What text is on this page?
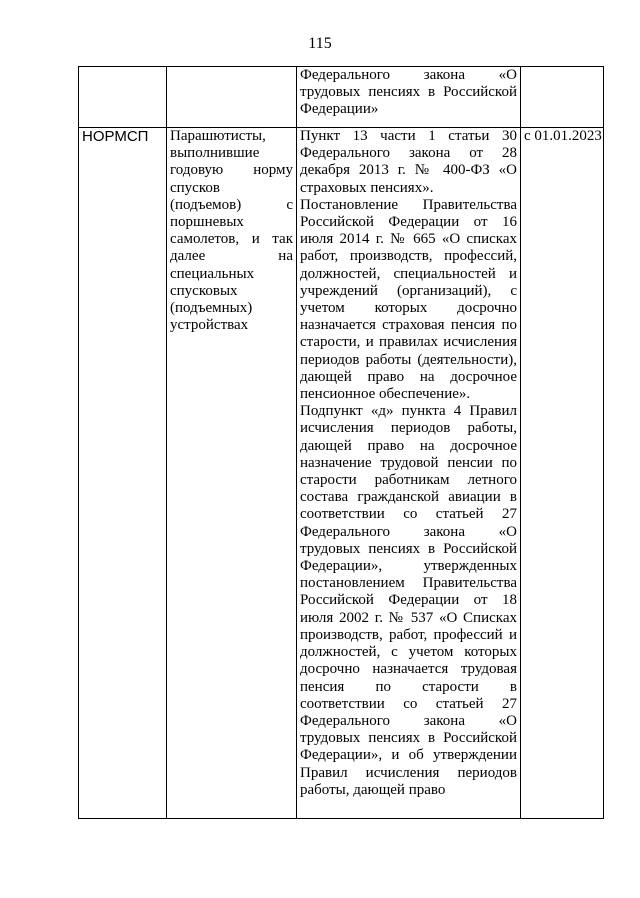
115
		Федерального закона «О трудовых пенсиях в Российской Федерации»	
НОРМСП	Парашютисты, выполнившие годовую норму спусков (подъемов) с поршневых самолетов, и так далее на специальных спусковых (подъемных) устройствах	Пункт 13 части 1 статьи 30 Федерального закона от 28 декабря 2013 г. № 400-ФЗ «О страховых пенсиях».
Постановление Правительства Российской Федерации от 16 июля 2014 г. № 665 «О списках работ, производств, профессий, должностей, специальностей и учреждений (организаций), с учетом которых досрочно назначается страховая пенсия по старости, и правилах исчисления периодов работы (деятельности), дающей право на досрочное пенсионное обеспечение».
Подпункт «д» пункта 4 Правил исчисления периодов работы, дающей право на досрочное назначение трудовой пенсии по старости работникам летного состава гражданской авиации в соответствии со статьей 27 Федерального закона «О трудовых пенсиях в Российской Федерации», утвержденных постановлением Правительства Российской Федерации от 18 июля 2002 г. № 537 «О Списках производств, работ, профессий и должностей, с учетом которых досрочно назначается трудовая пенсия по старости в соответствии со статьей 27 Федерального закона «О трудовых пенсиях в Российской Федерации», и об утверждении Правил исчисления периодов работы, дающей право	с 01.01.2023
